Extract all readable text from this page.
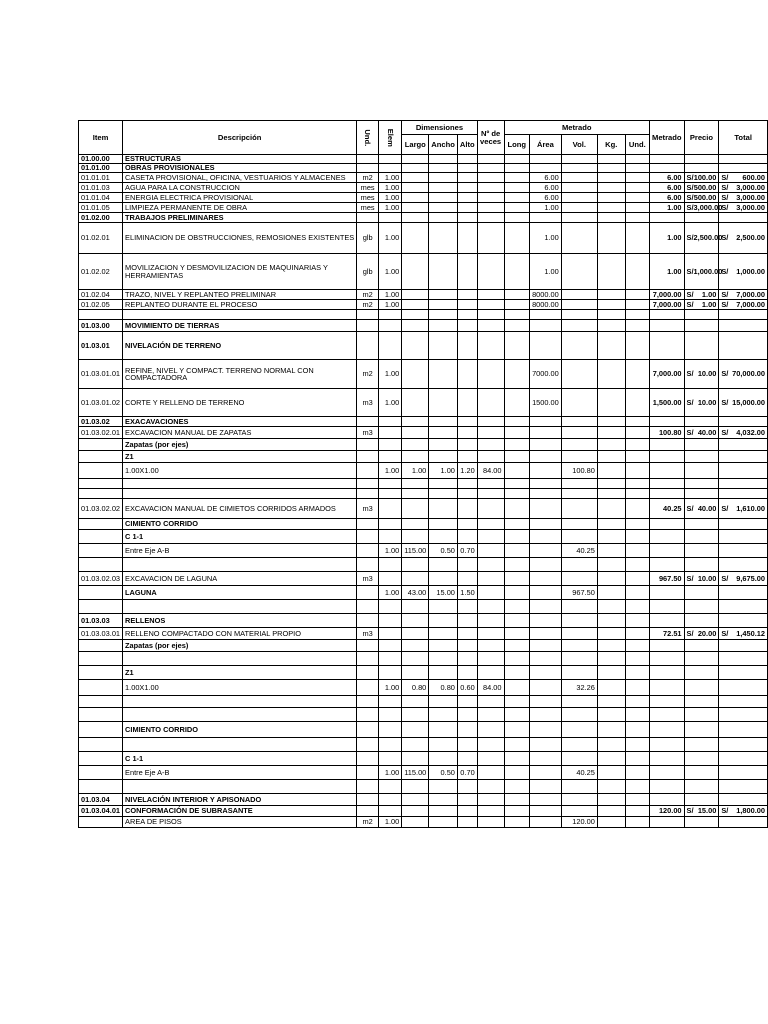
Item	Descripción	Und.	Elem	Dimensiones			Nº de veces	Metrado					Metrado	Precio	Total
				Largo	Ancho	Alto		Long	Área	Vol.	Kg.	Und.			
01.00.00	ESTRUCTURAS														
01.01.00	OBRAS PROVISIONALES														
01.01.01	CASETA PROVISIONAL, OFICINA, VESTUARIOS Y ALMACENES	m2	1.00						6.00				6.00	S/ 100.00	S/ 600.00
01.01.03	AGUA PARA LA CONSTRUCCION	mes	1.00						6.00				6.00	S/ 500.00	S/ 3,000.00
01.01.04	ENERGIA ELECTRICA PROVISIONAL	mes	1.00						6.00				6.00	S/ 500.00	S/ 3,000.00
01.01.05	LIMPIEZA PERMANENTE DE OBRA	mes	1.00						1.00				1.00	S/ 3,000.00	S/ 3,000.00
01.02.00	TRABAJOS PRELIMINARES														
01.02.01	ELIMINACION DE OBSTRUCCIONES, REMOSIONES EXISTENTES	glb	1.00						1.00				1.00	S/ 2,500.00	S/ 2,500.00
01.02.02	MOVILIZACION Y DESMOVILIZACION DE MAQUINARIAS Y HERRAMIENTAS	glb	1.00						1.00				1.00	S/ 1,000.00	S/ 1,000.00
01.02.04	TRAZO, NIVEL Y REPLANTEO PRELIMINAR	m2	1.00						8000.00				7,000.00	S/ 1.00	S/ 7,000.00
01.02.05	REPLANTEO DURANTE EL PROCESO	m2	1.00						8000.00				7,000.00	S/ 1.00	S/ 7,000.00

01.03.00	MOVIMIENTO DE TIERRAS														
01.03.01	NIVELACIÓN DE TERRENO														
01.03.01.01	REFINE, NIVEL Y COMPACT. TERRENO NORMAL CON COMPACTADORA	m2	1.00						7000.00				7,000.00	S/ 10.00	S/ 70,000.00
01.03.01.02	CORTE Y RELLENO DE TERRENO	m3	1.00						1500.00				1,500.00	S/ 10.00	S/ 15,000.00
01.03.02	EXACAVACIONES														
01.03.02.01	EXCAVACION MANUAL DE ZAPATAS	m3											100.80	S/ 40.00	S/ 4,032.00
	Zapatas (por ejes)														
	Z1														
	1.00X1.00		1.00	1.00	1.00	1.20	84.00			100.80					

01.03.02.02	EXCAVACION MANUAL DE CIMIETOS CORRIDOS ARMADOS	m3											40.25	S/ 40.00	S/ 1,610.00
	CIMIENTO CORRIDO														
	C 1-1														
	Entre Eje A-B		1.00	115.00	0.50	0.70				40.25					

01.03.02.03	EXCAVACION DE LAGUNA	m3											967.50	S/ 10.00	S/ 9,675.00
	LAGUNA		1.00	43.00	15.00	1.50				967.50					

01.03.03	RELLENOS														
01.03.03.01	RELLENO COMPACTADO CON MATERIAL PROPIO	m3											72.51	S/ 20.00	S/ 1,450.12
	Zapatas (por ejes)														

	Z1														
	1.00X1.00		1.00	0.80	0.80	0.60	84.00			32.26					

	CIMIENTO CORRIDO														

	C 1-1														
	Entre Eje A-B		1.00	115.00	0.50	0.70				40.25					

01.03.04	NIVELACIÓN INTERIOR Y APISONADO														
01.03.04.01	CONFORMACIÓN DE SUBRASANTE												120.00	S/ 15.00	S/ 1,800.00
	AREA DE PISOS	m2	1.00							120.00					
